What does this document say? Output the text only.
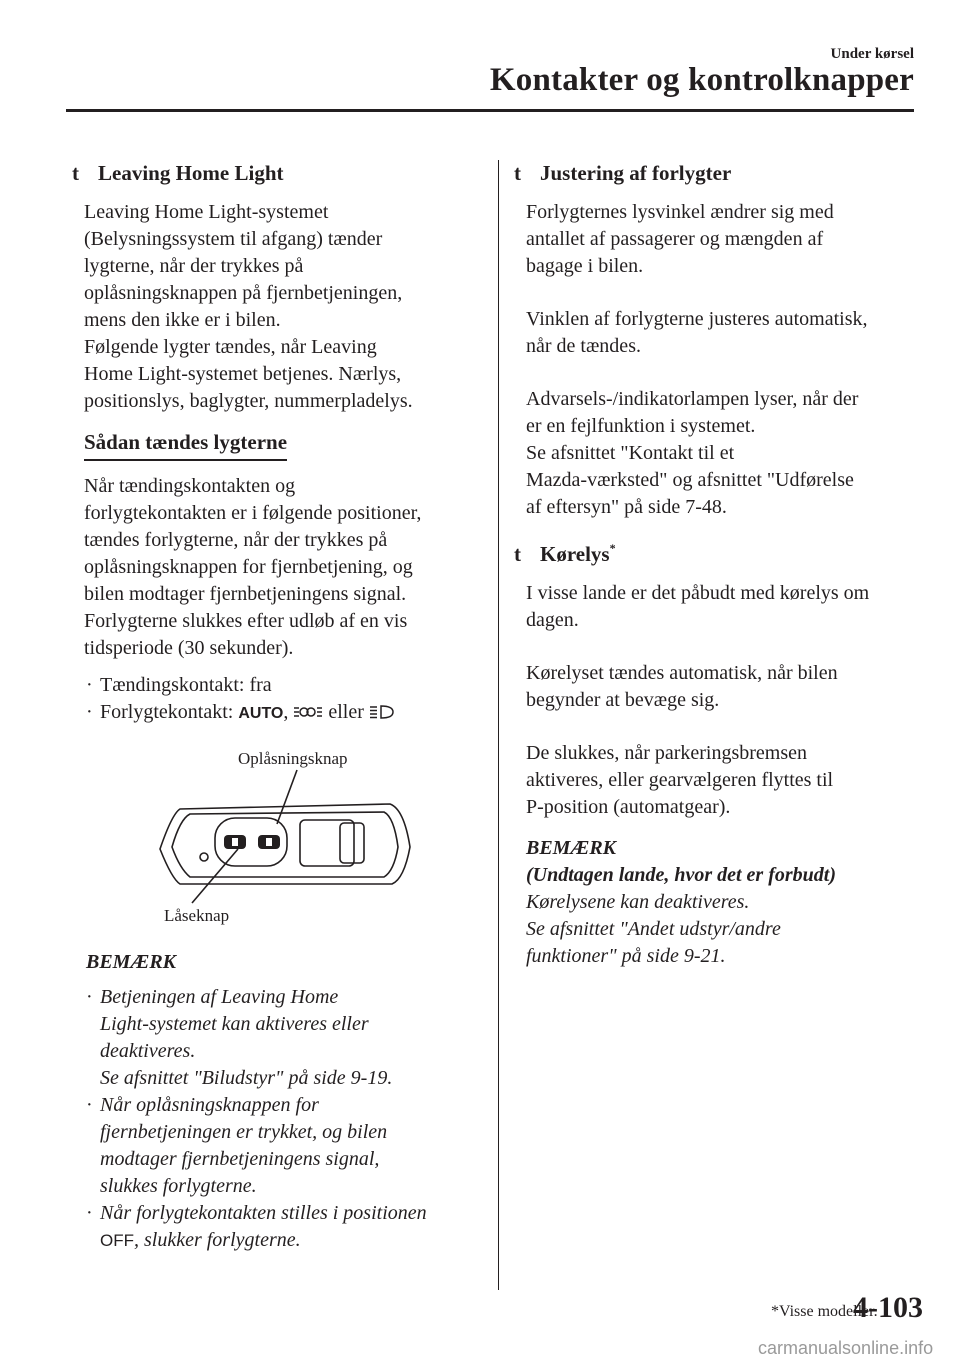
Under kørsel
Kontakter og kontrolknapper
t Leaving Home Light
Leaving Home Light-systemet
(Belysningssystem til afgang) tænder
lygterne, når der trykkes på
oplåsningsknappen på fjernbetjeningen,
mens den ikke er i bilen.
Følgende lygter tændes, når Leaving
Home Light-systemet betjenes. Nærlys,
positionslys, baglygter, nummerpladelys.
Sådan tændes lygterne
Når tændingskontakten og
forlygtekontakten er i følgende positioner,
tændes forlygterne, når der trykkes på
oplåsningsknappen for fjernbetjening, og
bilen modtager fjernbetjeningens signal.
Forlygterne slukkes efter udløb af en vis
tidsperiode (30 sekunder).
· Tændingskontakt: fra
· Forlygtekontakt: AUTO,  eller
Oplåsningsknap
Låseknap
BEMÆRK
· Betjeningen af Leaving Home
Light-systemet kan aktiveres eller
deaktiveres.
Se afsnittet "Biludstyr" på side 9-19.
· Når oplåsningsknappen for
fjernbetjeningen er trykket, og bilen
modtager fjernbetjeningens signal,
slukkes forlygterne.
· Når forlygtekontakten stilles i positionen
OFF, slukker forlygterne.
t Justering af forlygter
Forlygternes lysvinkel ændrer sig med
antallet af passagerer og mængden af
bagage i bilen.
Vinklen af forlygterne justeres automatisk,
når de tændes.
Advarsels-/indikatorlampen lyser, når der
er en fejlfunktion i systemet.
Se afsnittet "Kontakt til et
Mazda-værksted" og afsnittet "Udførelse
af eftersyn" på side 7-48.
t Kørelys*
I visse lande er det påbudt med kørelys om
dagen.
Kørelyset tændes automatisk, når bilen
begynder at bevæge sig.
De slukkes, når parkeringsbremsen
aktiveres, eller gearvælgeren flyttes til
P-position (automatgear).
BEMÆRK
(Undtagen lande, hvor det er forbudt)
Kørelysene kan deaktiveres.
Se afsnittet "Andet udstyr/andre
funktioner" på side 9-21.
*Visse modeller.
4-103
carmanualsonline.info
